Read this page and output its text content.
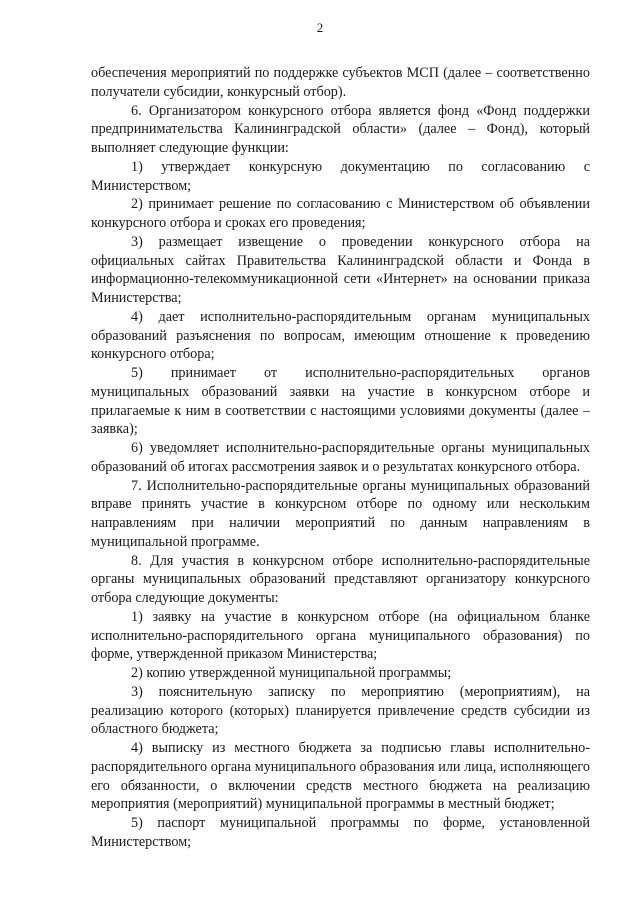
2

обеспечения мероприятий по поддержке субъектов МСП (далее – соответственно получатели субсидии, конкурсный отбор).

6. Организатором конкурсного отбора является фонд «Фонд поддержки предпринимательства Калининградской области» (далее – Фонд), который выполняет следующие функции:

1) утверждает конкурсную документацию по согласованию с Министерством;

2) принимает решение по согласованию с Министерством об объявлении конкурсного отбора и сроках его проведения;

3) размещает извещение о проведении конкурсного отбора на официальных сайтах Правительства Калининградской области и Фонда в информационно-телекоммуникационной сети «Интернет» на основании приказа Министерства;

4) дает исполнительно-распорядительным органам муниципальных образований разъяснения по вопросам, имеющим отношение к проведению конкурсного отбора;

5) принимает от исполнительно-распорядительных органов муниципальных образований заявки на участие в конкурсном отборе и прилагаемые к ним в соответствии с настоящими условиями документы (далее – заявка);

6) уведомляет исполнительно-распорядительные органы муниципальных образований об итогах рассмотрения заявок и о результатах конкурсного отбора.

7. Исполнительно-распорядительные органы муниципальных образований вправе принять участие в конкурсном отборе по одному или нескольким направлениям при наличии мероприятий по данным направлениям в муниципальной программе.

8. Для участия в конкурсном отборе исполнительно-распорядительные органы муниципальных образований представляют организатору конкурсного отбора следующие документы:

1) заявку на участие в конкурсном отборе (на официальном бланке исполнительно-распорядительного органа муниципального образования) по форме, утвержденной приказом Министерства;

2) копию утвержденной муниципальной программы;

3) пояснительную записку по мероприятию (мероприятиям), на реализацию которого (которых) планируется привлечение средств субсидии из областного бюджета;

4) выписку из местного бюджета за подписью главы исполнительно-распорядительного органа муниципального образования или лица, исполняющего его обязанности, о включении средств местного бюджета на реализацию мероприятия (мероприятий) муниципальной программы в местный бюджет;

5) паспорт муниципальной программы по форме, установленной Министерством;
